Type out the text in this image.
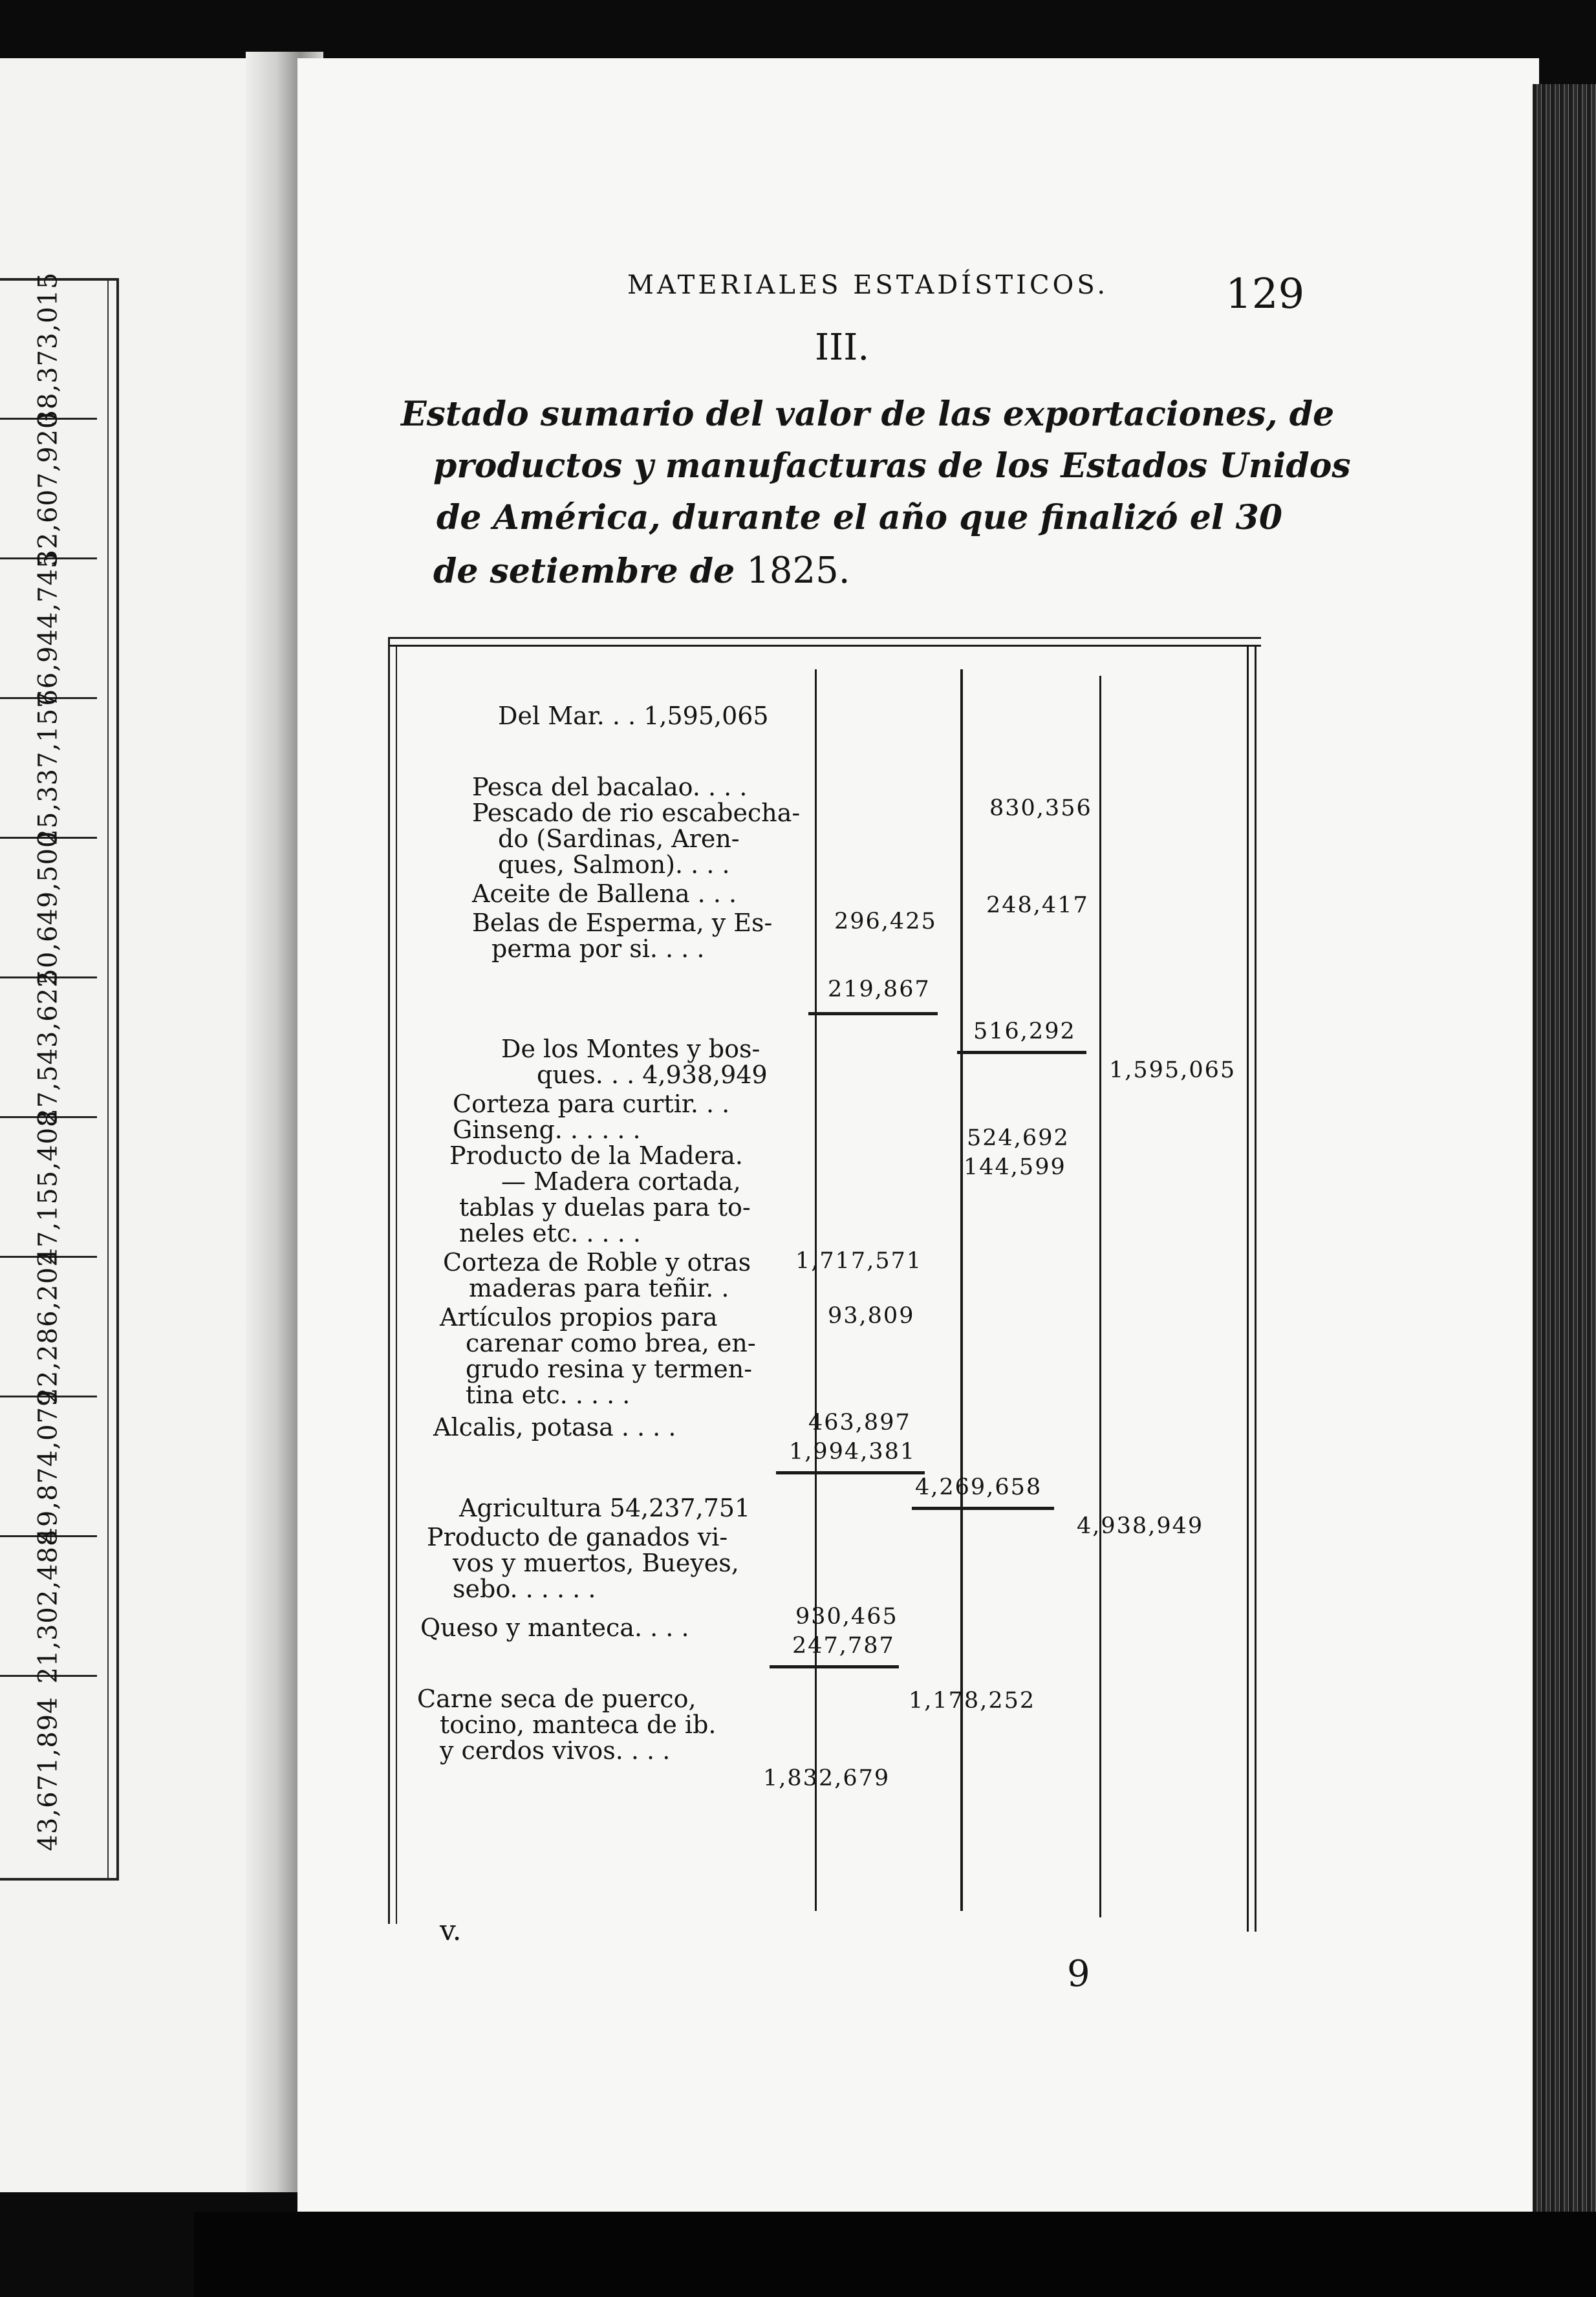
38,373,015
32,607,920
66,944,745
25,337,157
50,649,500
27,543,622
47,155,408
22,286,202
49,874,079
21,302,488
43,671,894
MATERIALES ESTADÍSTICOS.	129
III.
Estado sumario del valor de las exportaciones, de
productos y manufacturas de los Estados Unidos
de América, durante el año que finalizó el 30
de setiembre de 1825.
Del Mar. . . 1,595,065
Pesca del bacalao. . . .
830,356
Pescado de rio escabecha-
do (Sardinas, Aren-
ques, Salmon). . . .
248,417
Aceite de Ballena . . .
296,425
Belas de Esperma, y Es-
perma por si. . . .
219,867
516,292
1,595,065
De los Montes y bos-
ques. . . 4,938,949
Corteza para curtir. . .
524,692
Ginseng. . . . . .
144,599
Producto de la Madera.
— Madera cortada,
tablas y duelas para to-
neles etc. . . . .
1,717,571
Corteza de Roble y otras
maderas para teñir. .
93,809
Artículos propios para
carenar como brea, en-
grudo resina y termen-
tina etc. . . . .
463,897
Alcalis, potasa . . . .
1,994,381
4,269,658
4,938,949
Agricultura 54,237,751
Producto de ganados vi-
vos y muertos, Bueyes,
sebo. . . . . .
930,465
Queso y manteca. . . .
247,787
1,178,252
Carne seca de puerco,
tocino, manteca de ib.
y cerdos vivos. . . .
1,832,679
v.
9
